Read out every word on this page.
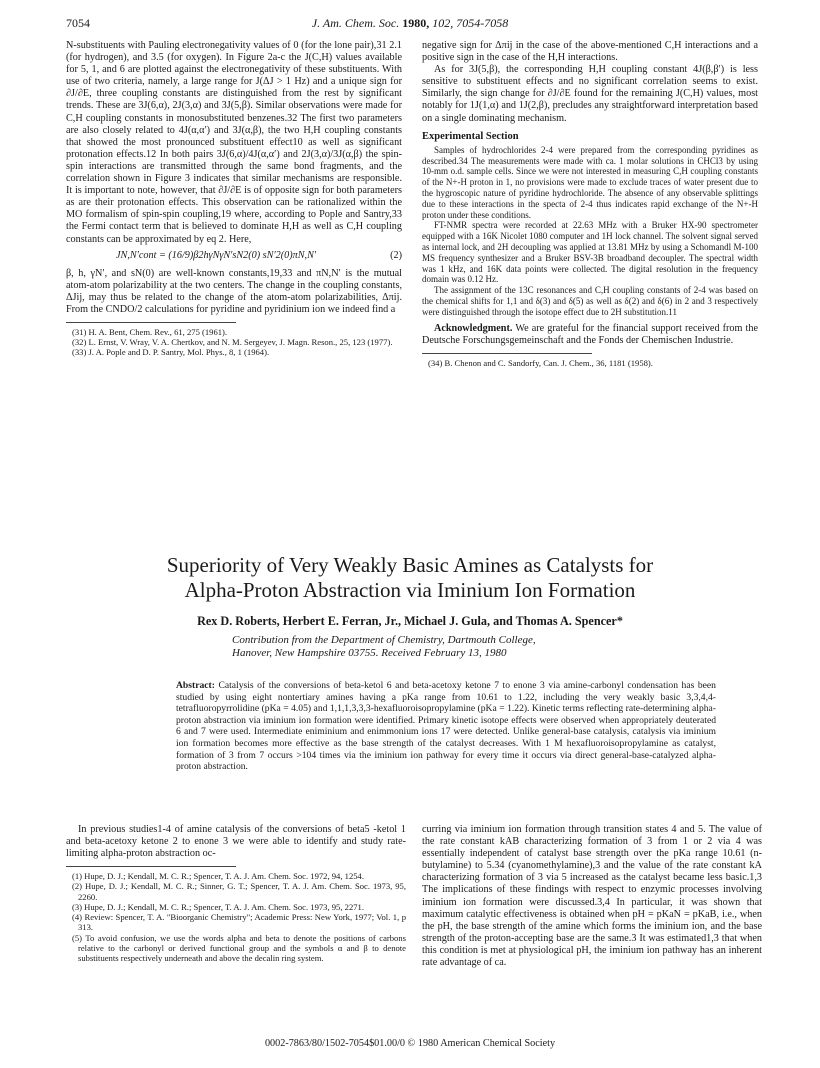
7054	J. Am. Chem. Soc. 1980, 102, 7054-7058

N-substituents with Pauling electronegativity values of 0 (for the lone pair),31 2.1 (for hydrogen), and 3.5 (for oxygen). In Figure 2a-c the J(C,H) values available for 5, 1, and 6 are plotted against the electronegativity of these substituents. With use of two criteria, namely, a large range for J(ΔJ > 1 Hz) and a unique sign for ∂J/∂E, three coupling constants are distinguished from the rest by significant trends. These are 3J(6,α), 2J(3,α) and 3J(5,β). Similar observations were made for C,H coupling constants in monosubstituted benzenes.32 The first two parameters are also closely related to 4J(α,α′) and 3J(α,β), the two H,H coupling constants that showed the most pronounced substituent effect10 as well as significant protonation effects.12 In both pairs 3J(6,α)/4J(α,α′) and 2J(3,α)/3J(α,β) the spin-spin interactions are transmitted through the same bond fragments, and the correlation shown in Figure 3 indicates that similar mechanisms are responsible. It is important to note, however, that ∂J/∂E is of opposite sign for both parameters as are their protonation effects. This observation can be rationalized within the MO formalism of spin-spin coupling,19 where, according to Pople and Santry,33 the Fermi contact term that is believed to dominate H,H as well as C,H coupling constants can be approximated by eq 2. Here,

JN,N′cont = (16/9)β2hγNγN′sN2(0) sN′2(0)πN,N′	(2)

β, h, γN′, and sN(0) are well-known constants,19,33 and πN,N′ is the mutual atom-atom polarizability at the two centers. The change in the coupling constants, ΔJij, may thus be related to the change of the atom-atom polarizabilities, Δπij. From the CNDO/2 calculations for pyridine and pyridinium ion we indeed find a

(31) H. A. Bent, Chem. Rev., 61, 275 (1961).

(32) L. Ernst, V. Wray, V. A. Chertkov, and N. M. Sergeyev, J. Magn. Reson., 25, 123 (1977).

(33) J. A. Pople and D. P. Santry, Mol. Phys., 8, 1 (1964).

negative sign for Δπij in the case of the above-mentioned C,H interactions and a positive sign in the case of the H,H interactions.

As for 3J(5,β), the corresponding H,H coupling constant 4J(β,β′) is less sensitive to substituent effects and no significant correlation seems to exist. Similarly, the sign change for ∂J/∂E found for the remaining J(C,H) values, most notably for 1J(1,α) and 1J(2,β), precludes any straightforward interpretation based on a single dominating mechanism.

Experimental Section

Samples of hydrochlorides 2-4 were prepared from the corresponding pyridines as described.34 The measurements were made with ca. 1 molar solutions in CHCl3 by using 10-mm o.d. sample cells. Since we were not interested in measuring C,H coupling constants of the N+-H proton in 1, no provisions were made to exclude traces of water present due to the hygroscopic nature of pyridine hydrochloride. The absence of any observable splittings due to these interactions in the specta of 2-4 thus indicates rapid exchange of the N+-H proton under these conditions.

FT-NMR spectra were recorded at 22.63 MHz with a Bruker HX-90 spectrometer equipped with a 16K Nicolet 1080 computer and 1H lock channel. The solvent signal served as internal lock, and 2H decoupling was applied at 13.81 MHz by using a Schomandl M-100 MS frequency synthesizer and a Bruker BSV-3B broadband decoupler. The spectral width was 1 kHz, and 16K data points were collected. The digital resolution in the frequency domain was 0.12 Hz.

The assignment of the 13C resonances and C,H coupling constants of 2-4 was based on the chemical shifts for 1,1 and δ(3) and δ(5) as well as δ(2) and δ(6) in 2 and 3 respectively were distinguished through the isotope effect due to 2H substitution.11

Acknowledgment. We are grateful for the financial support received from the Deutsche Forschungsgemeinschaft and the Fonds der Chemischen Industrie.

(34) B. Chenon and C. Sandorfy, Can. J. Chem., 36, 1181 (1958).

Superiority of Very Weakly Basic Amines as Catalysts for
Alpha-Proton Abstraction via Iminium Ion Formation
Rex D. Roberts, Herbert E. Ferran, Jr., Michael J. Gula, and Thomas A. Spencer*
Contribution from the Department of Chemistry, Dartmouth College,
Hanover, New Hampshire 03755. Received February 13, 1980
Abstract: Catalysis of the conversions of beta-ketol 6 and beta-acetoxy ketone 7 to enone 3 via amine-carbonyl condensation has been studied by using eight nontertiary amines having a pKa range from 10.61 to 1.22, including the very weakly basic 3,3,4,4-tetrafluoropyrrolidine (pKa = 4.05) and 1,1,1,3,3,3-hexafluoroisopropylamine (pKa = 1.22). Kinetic terms reflecting rate-determining alpha-proton abstraction via iminium ion formation were identified. Primary kinetic isotope effects were observed when appropriately deuterated 6 and 7 were used. Intermediate eniminium and enimmonium ions 17 were detected. Unlike general-base catalysis, catalysis via iminium ion formation becomes more effective as the base strength of the catalyst decreases. With 1 M hexafluoroisopropylamine as catalyst, formation of 3 from 7 occurs >104 times via the iminium ion pathway for every time it occurs via direct general-base-catalyzed alpha-proton abstraction.

In previous studies1-4 of amine catalysis of the conversions of beta5 -ketol 1 and beta-acetoxy ketone 2 to enone 3 we were able to identify and study rate-limiting alpha-proton abstraction oc-

(1) Hupe, D. J.; Kendall, M. C. R.; Spencer, T. A. J. Am. Chem. Soc. 1972, 94, 1254.

(2) Hupe, D. J.; Kendall, M. C. R.; Sinner, G. T.; Spencer, T. A. J. Am. Chem. Soc. 1973, 95, 2260.

(3) Hupe, D. J.; Kendall, M. C. R.; Spencer, T. A. J. Am. Chem. Soc. 1973, 95, 2271.

(4) Review: Spencer, T. A. "Bioorganic Chemistry"; Academic Press: New York, 1977; Vol. 1, p 313.

(5) To avoid confusion, we use the words alpha and beta to denote the positions of carbons relative to the carbonyl or derived functional group and the symbols α and β to denote substituents respectively underneath and above the decalin ring system.

curring via iminium ion formation through transition states 4 and 5. The value of the rate constant kAB characterizing formation of 3 from 1 or 2 via 4 was essentially independent of catalyst base strength over the pKa range 10.61 (n-butylamine) to 5.34 (cyanomethylamine),3 and the value of the rate constant kA characterizing formation of 3 via 5 increased as the catalyst became less basic.1,3 The implications of these findings with respect to enzymic processes involving iminium ion formation were discussed.3,4 In particular, it was shown that maximum catalytic effectiveness is obtained when pH = pKaN = pKaB, i.e., when the pH, the base strength of the amine which forms the iminium ion, and the base strength of the proton-accepting base are the same.3 It was estimated1,3 that when this condition is met at physiological pH, the iminium ion pathway has an inherent rate advantage of ca.

0002-7863/80/1502-7054$01.00/0 © 1980 American Chemical Society
